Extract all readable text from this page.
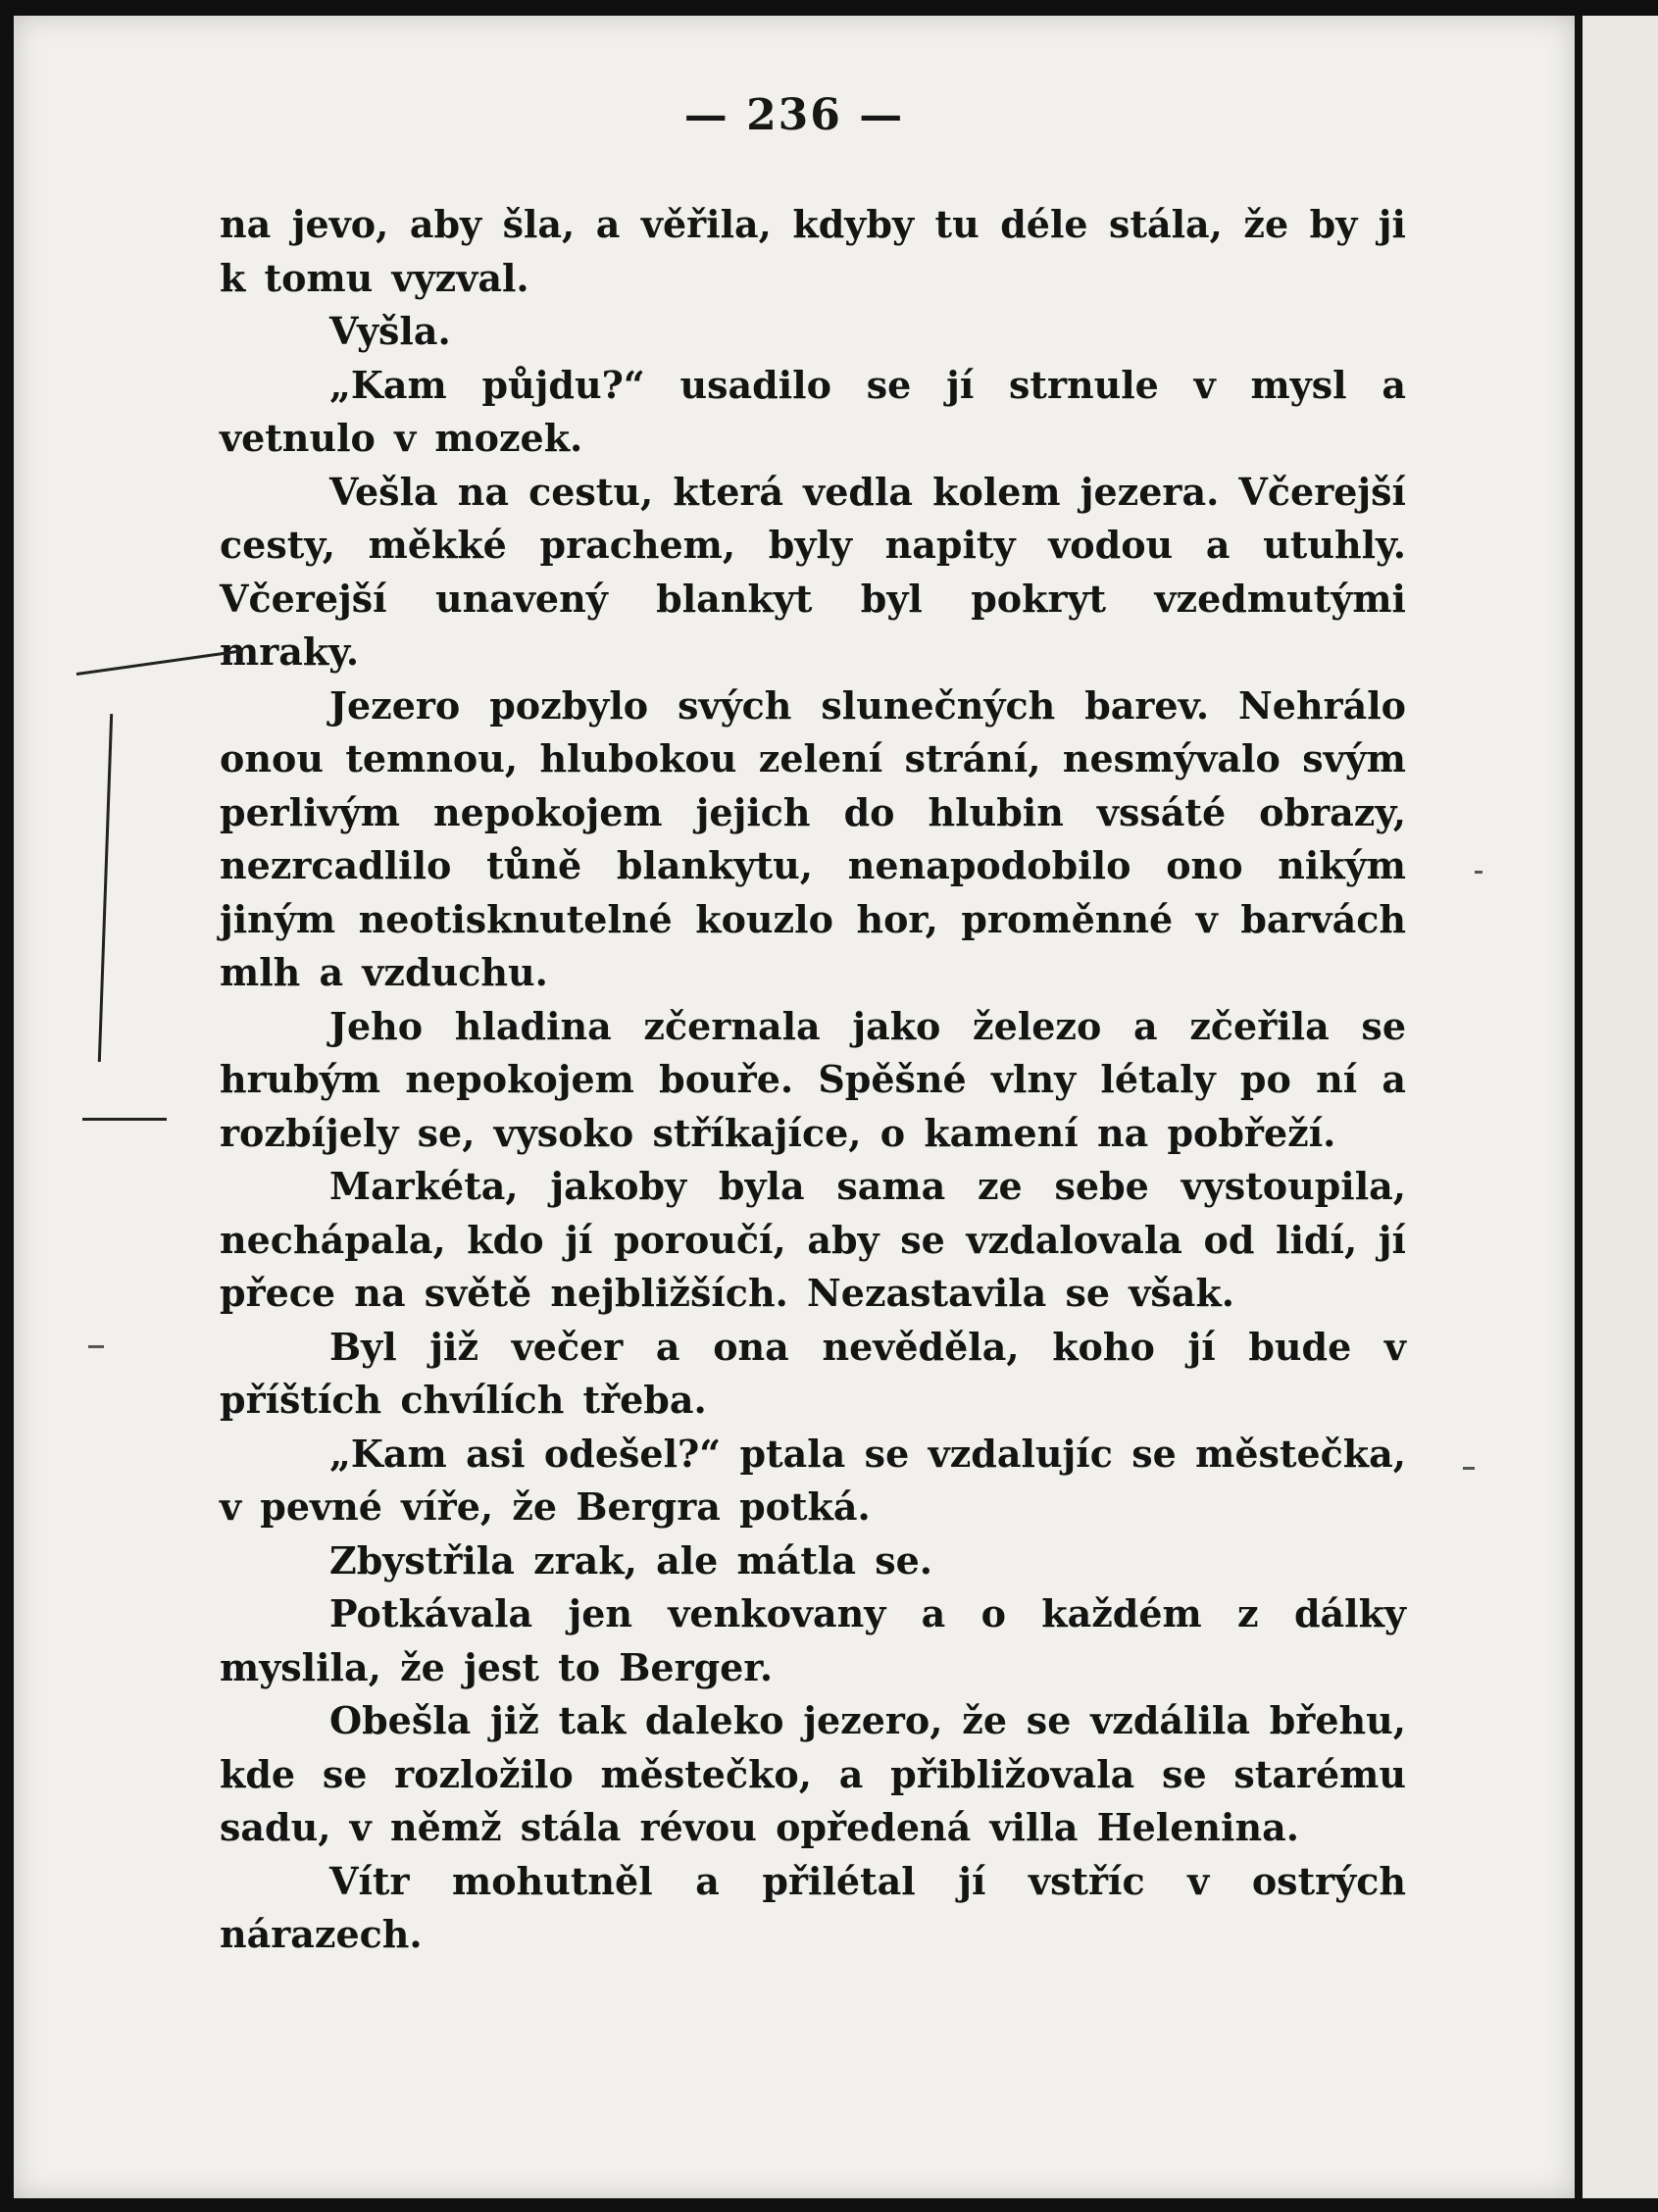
— 236 —

na jevo, aby šla, a věřila, kdyby tu déle stála, že by ji k tomu vyzval.

Vyšla.

„Kam půjdu?“ usadilo se jí strnule v mysl a vetnulo v mozek.

Vešla na cestu, která vedla kolem jezera. Včerejší cesty, měkké prachem, byly napity vodou a utuhly. Včerejší unavený blankyt byl pokryt vzedmutými mraky.

Jezero pozbylo svých slunečných barev. Nehrálo onou temnou, hlubokou zelení strání, nesmývalo svým perlivým nepokojem jejich do hlubin vssáté obrazy, nezrcadlilo tůně blankytu, nenapodobilo ono nikým jiným neotisknutelné kouzlo hor, proměnné v barvách mlh a vzduchu.

Jeho hladina zčernala jako železo a zčeřila se hrubým nepokojem bouře. Spěšné vlny létaly po ní a rozbíjely se, vysoko stříkajíce, o kamení na pobřeží.

Markéta, jakoby byla sama ze sebe vystoupila, nechápala, kdo jí poroučí, aby se vzdalovala od lidí, jí přece na světě nejbližších. Nezastavila se však.

Byl již večer a ona nevěděla, koho jí bude v příštích chvílích třeba.

„Kam asi odešel?“ ptala se vzdalujíc se městečka, v pevné víře, že Bergra potká.

Zbystřila zrak, ale mátla se.

Potkávala jen venkovany a o každém z dálky myslila, že jest to Berger.

Obešla již tak daleko jezero, že se vzdálila břehu, kde se rozložilo městečko, a přibližovala se starému sadu, v němž stála révou opředená villa Helenina.

Vítr mohutněl a přilétal jí vstříc v ostrých nárazech.
